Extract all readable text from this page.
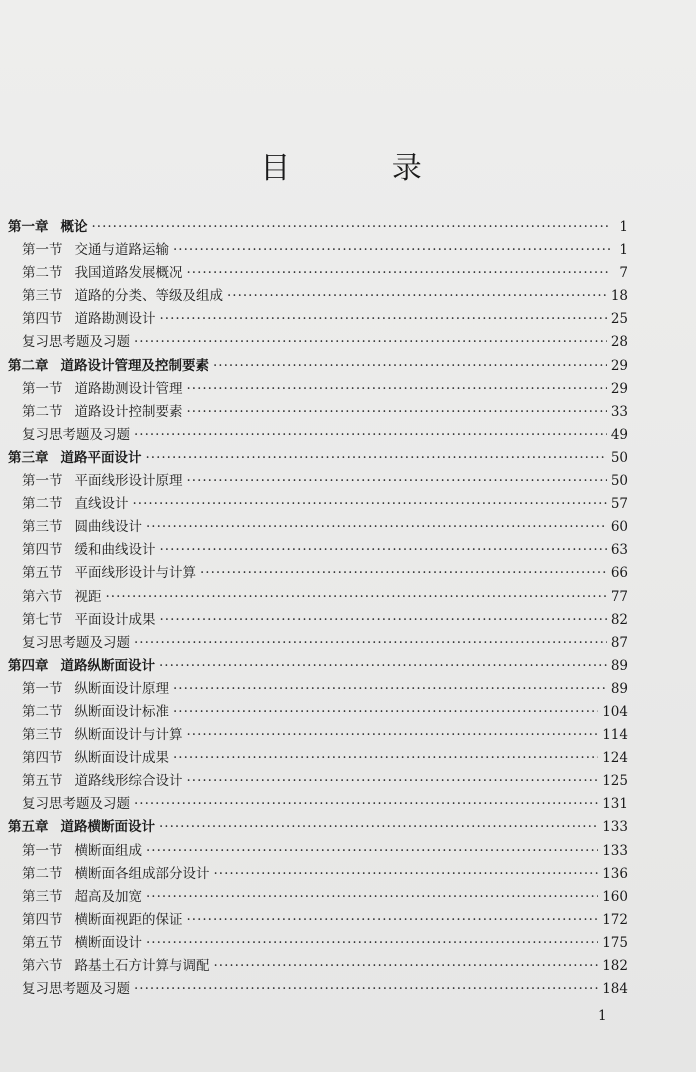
目 录
第一章 概论 ·····	1
第一节 交通与道路运输 ·····	1
第二节 我国道路发展概况 ·····	7
第三节 道路的分类、等级及组成 ·····	18
第四节 道路勘测设计 ·····	25
复习思考题及习题 ·····	28
第二章 道路设计管理及控制要素 ·····	29
第一节 道路勘测设计管理 ·····	29
第二节 道路设计控制要素 ·····	33
复习思考题及习题 ·····	49
第三章 道路平面设计 ·····	50
第一节 平面线形设计原理 ·····	50
第二节 直线设计 ·····	57
第三节 圆曲线设计 ·····	60
第四节 缓和曲线设计 ·····	63
第五节 平面线形设计与计算 ·····	66
第六节 视距 ·····	77
第七节 平面设计成果 ·····	82
复习思考题及习题 ·····	87
第四章 道路纵断面设计 ·····	89
第一节 纵断面设计原理 ·····	89
第二节 纵断面设计标准 ·····	104
第三节 纵断面设计与计算 ·····	114
第四节 纵断面设计成果 ·····	124
第五节 道路线形综合设计 ·····	125
复习思考题及习题 ·····	131
第五章 道路横断面设计 ·····	133
第一节 横断面组成 ·····	133
第二节 横断面各组成部分设计 ·····	136
第三节 超高及加宽 ·····	160
第四节 横断面视距的保证 ·····	172
第五节 横断面设计 ·····	175
第六节 路基土石方计算与调配 ·····	182
复习思考题及习题 ·····	184
1
